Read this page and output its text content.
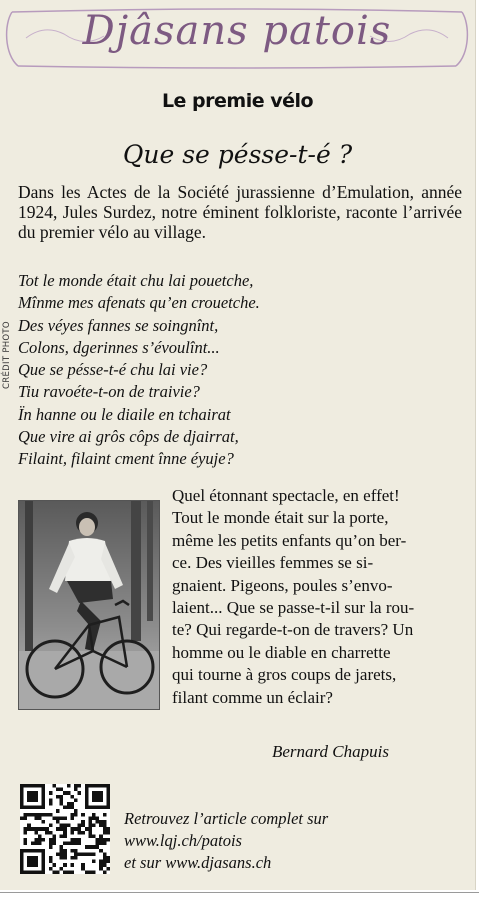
Djâsans patois
Le premie vélo
Que se pésse-t-é ?
Dans les Actes de la Société jurassienne d’Emulation, année 1924, Jules Surdez, notre éminent folkloriste, raconte l’arrivée du premier vélo au village.
Tot le monde était chu lai pouetche,
Mînme mes afenats qu’en crouetche.
Des véyes fannes se soingnînt,
Colons, dgerinnes s’évoulînt...
Que se pésse-t-é chu lai vie?
Tiu ravoéte-t-on de traivie?
Ïn hanne ou le diaile en tchairat
Que vire ai grôs côps de djairrat,
Filaint, filaint cment înne éyuje?
CRÉDIT PHOTO
Quel étonnant spectacle, en effet!
Tout le monde était sur la porte,
même les petits enfants qu’on ber-
ce. Des vieilles femmes se si-
gnaient. Pigeons, poules s’envo-
laient... Que se passe-t-il sur la rou-
te? Qui regarde-t-on de travers? Un
homme ou le diable en charrette
qui tourne à gros coups de jarets,
filant comme un éclair?
Bernard Chapuis
Retrouvez l’article complet sur
www.lqj.ch/patois
et sur www.djasans.ch
